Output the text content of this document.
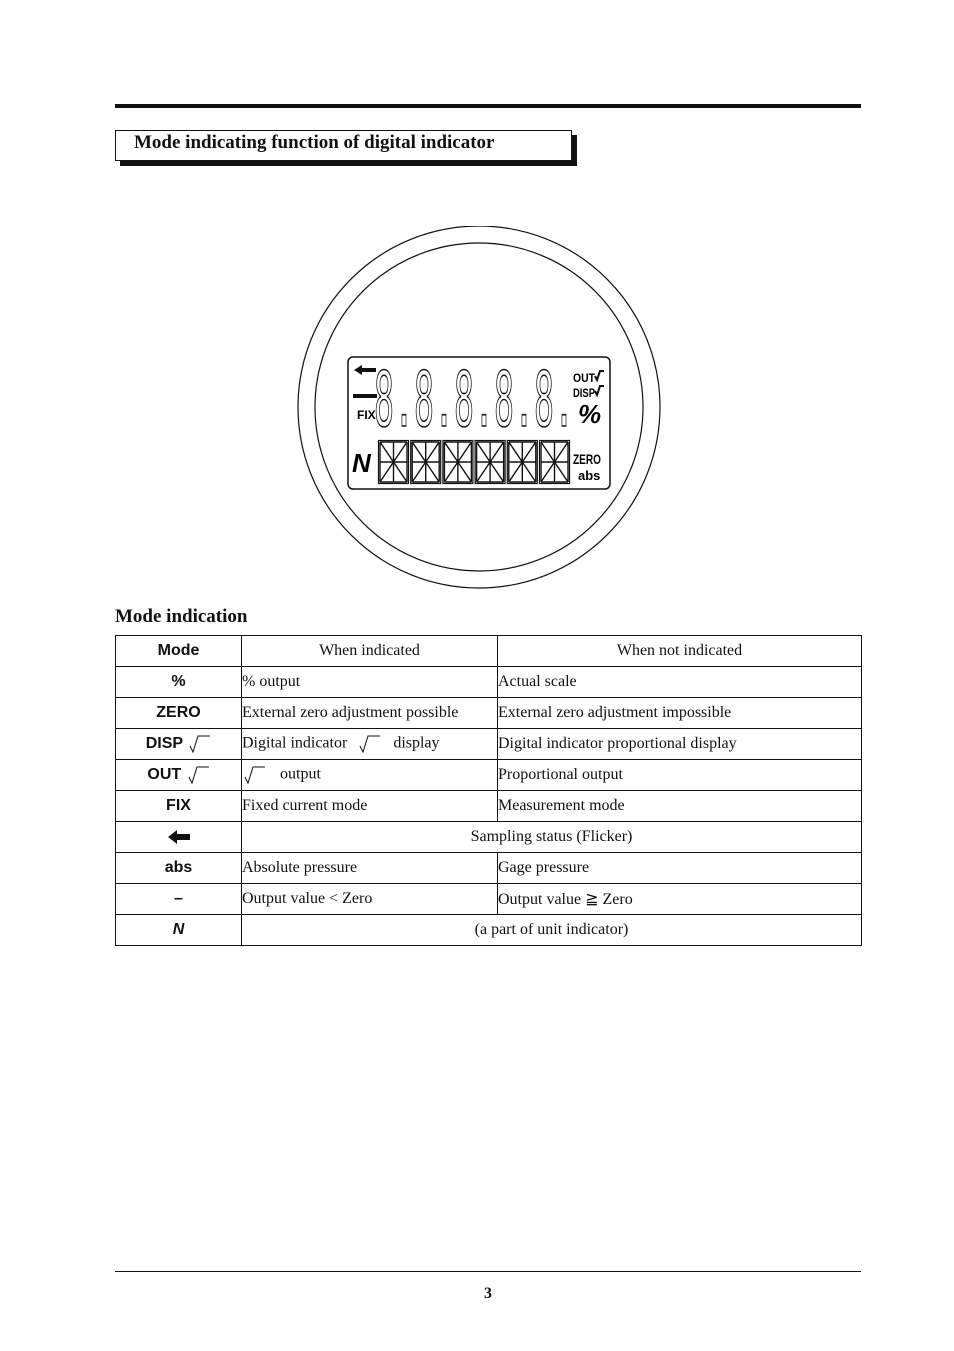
Mode indicating function of digital indicator
FIX
8.8.8.8.8. OUT
DISP
%
N	ZERO
abs
Mode indication
Mode	When indicated	When not indicated
%	% output	Actual scale
ZERO	External zero adjustment possible	External zero adjustment impossible
DISP	Digital indicator display	Digital indicator proportional display
OUT	output	Proportional output
FIX	Fixed current mode	Measurement mode
	Sampling status (Flicker)	
abs	Absolute pressure	Gage pressure
–	Output value < Zero	Output value ≧ Zero
N	(a part of unit indicator)	
3
